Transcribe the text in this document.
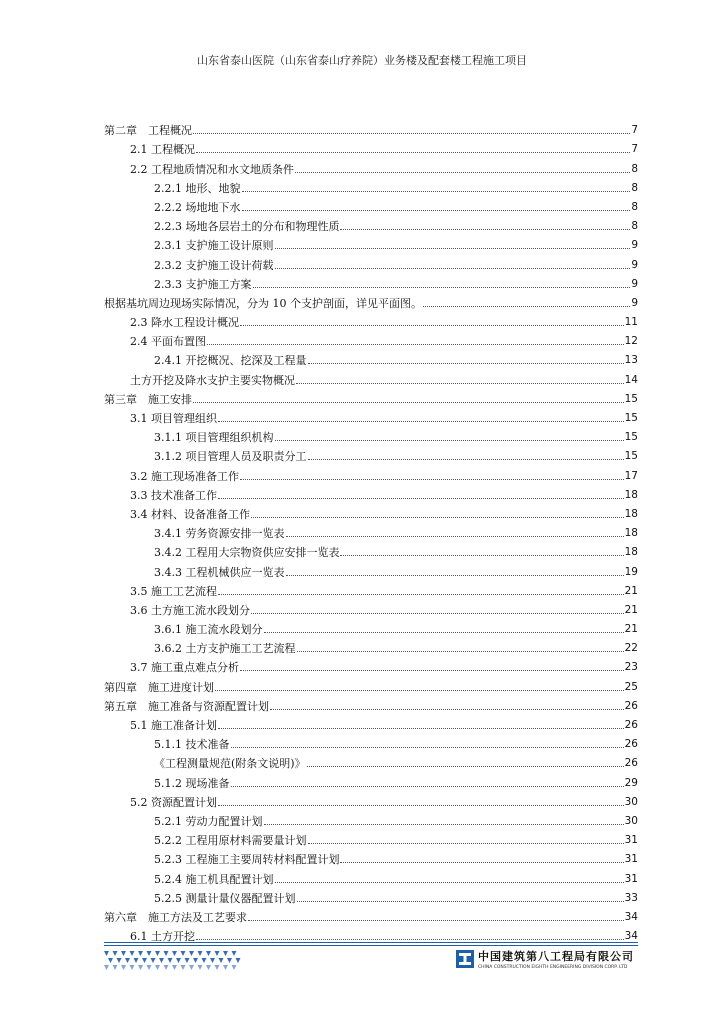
山东省泰山医院（山东省泰山疗养院）业务楼及配套楼工程施工项目
第二章　工程概况	7
2.1 工程概况	7
2.2 工程地质情况和水文地质条件	8
2.2.1 地形、地貌	8
2.2.2 场地地下水	8
2.2.3 场地各层岩土的分布和物理性质	8
2.3.1 支护施工设计原则	9
2.3.2 支护施工设计荷载	9
2.3.3 支护施工方案	9
根据基坑周边现场实际情况，分为 10 个支护剖面，详见平面图。	9
2.3 降水工程设计概况	11
2.4 平面布置图	12
2.4.1 开挖概况、挖深及工程量	13
土方开挖及降水支护主要实物概况	14
第三章　施工安排	15
3.1 项目管理组织	15
3.1.1 项目管理组织机构	15
3.1.2 项目管理人员及职责分工	15
3.2 施工现场准备工作	17
3.3 技术准备工作	18
3.4 材料、设备准备工作	18
3.4.1 劳务资源安排一览表	18
3.4.2 工程用大宗物资供应安排一览表	18
3.4.3 工程机械供应一览表	19
3.5 施工工艺流程	21
3.6 土方施工流水段划分	21
3.6.1 施工流水段划分	21
3.6.2 土方支护施工工艺流程	22
3.7 施工重点难点分析	23
第四章　施工进度计划	25
第五章　施工准备与资源配置计划	26
5.1 施工准备计划	26
5.1.1 技术准备	26
《工程测量规范(附条文说明)》	26
5.1.2 现场准备	29
5.2 资源配置计划	30
5.2.1 劳动力配置计划	30
5.2.2 工程用原材料需要量计划	31
5.2.3 工程施工主要周转材料配置计划	31
5.2.4 施工机具配置计划	31
5.2.5 测量计量仪器配置计划	33
第六章　施工方法及工艺要求	34
6.1 土方开挖	34
中国建筑第八工程局有限公司
CHINA CONSTRUCTION EIGHTH ENGINEERING DIVISION CORP. LTD
